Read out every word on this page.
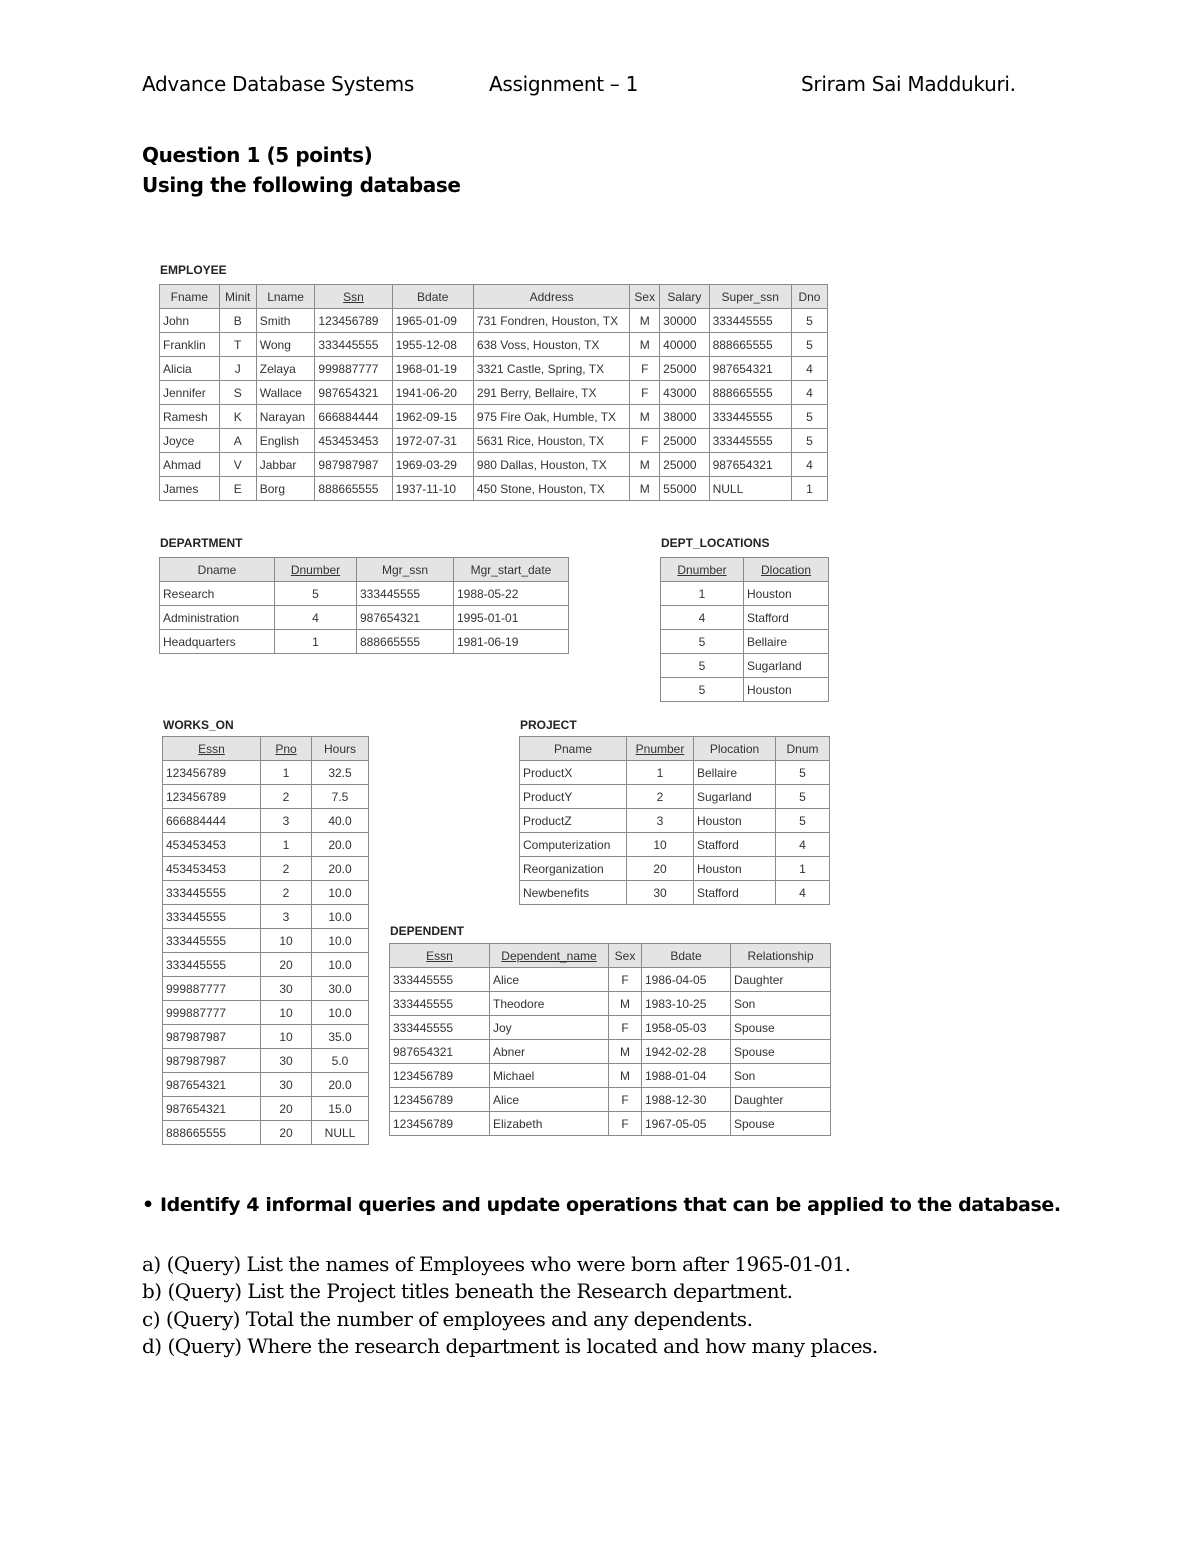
Advance Database Systems	Assignment – 1	Sriram Sai Maddukuri.
Question 1 (5 points)
Using the following database
EMPLOYEE
Fname	Minit	Lname	Ssn	Bdate	Address	Sex	Salary	Super_ssn	Dno
John	B	Smith	123456789	1965-01-09	731 Fondren, Houston, TX	M	30000	333445555	5
Franklin	T	Wong	333445555	1955-12-08	638 Voss, Houston, TX	M	40000	888665555	5
Alicia	J	Zelaya	999887777	1968-01-19	3321 Castle, Spring, TX	F	25000	987654321	4
Jennifer	S	Wallace	987654321	1941-06-20	291 Berry, Bellaire, TX	F	43000	888665555	4
Ramesh	K	Narayan	666884444	1962-09-15	975 Fire Oak, Humble, TX	M	38000	333445555	5
Joyce	A	English	453453453	1972-07-31	5631 Rice, Houston, TX	F	25000	333445555	5
Ahmad	V	Jabbar	987987987	1969-03-29	980 Dallas, Houston, TX	M	25000	987654321	4
James	E	Borg	888665555	1937-11-10	450 Stone, Houston, TX	M	55000	NULL	1
DEPARTMENT
Dname	Dnumber	Mgr_ssn	Mgr_start_date
Research	5	333445555	1988-05-22
Administration	4	987654321	1995-01-01
Headquarters	1	888665555	1981-06-19
DEPT_LOCATIONS
Dnumber	Dlocation
1	Houston
4	Stafford
5	Bellaire
5	Sugarland
5	Houston
WORKS_ON
Essn	Pno	Hours
123456789	1	32.5
123456789	2	7.5
666884444	3	40.0
453453453	1	20.0
453453453	2	20.0
333445555	2	10.0
333445555	3	10.0
333445555	10	10.0
333445555	20	10.0
999887777	30	30.0
999887777	10	10.0
987987987	10	35.0
987987987	30	5.0
987654321	30	20.0
987654321	20	15.0
888665555	20	NULL
PROJECT
Pname	Pnumber	Plocation	Dnum
ProductX	1	Bellaire	5
ProductY	2	Sugarland	5
ProductZ	3	Houston	5
Computerization	10	Stafford	4
Reorganization	20	Houston	1
Newbenefits	30	Stafford	4
DEPENDENT
Essn	Dependent_name	Sex	Bdate	Relationship
333445555	Alice	F	1986-04-05	Daughter
333445555	Theodore	M	1983-10-25	Son
333445555	Joy	F	1958-05-03	Spouse
987654321	Abner	M	1942-02-28	Spouse
123456789	Michael	M	1988-01-04	Son
123456789	Alice	F	1988-12-30	Daughter
123456789	Elizabeth	F	1967-05-05	Spouse
• Identify 4 informal queries and update operations that can be applied to the database.
a) (Query) List the names of Employees who were born after 1965-01-01.
b) (Query) List the Project titles beneath the Research department.
c) (Query) Total the number of employees and any dependents.
d) (Query) Where the research department is located and how many places.
